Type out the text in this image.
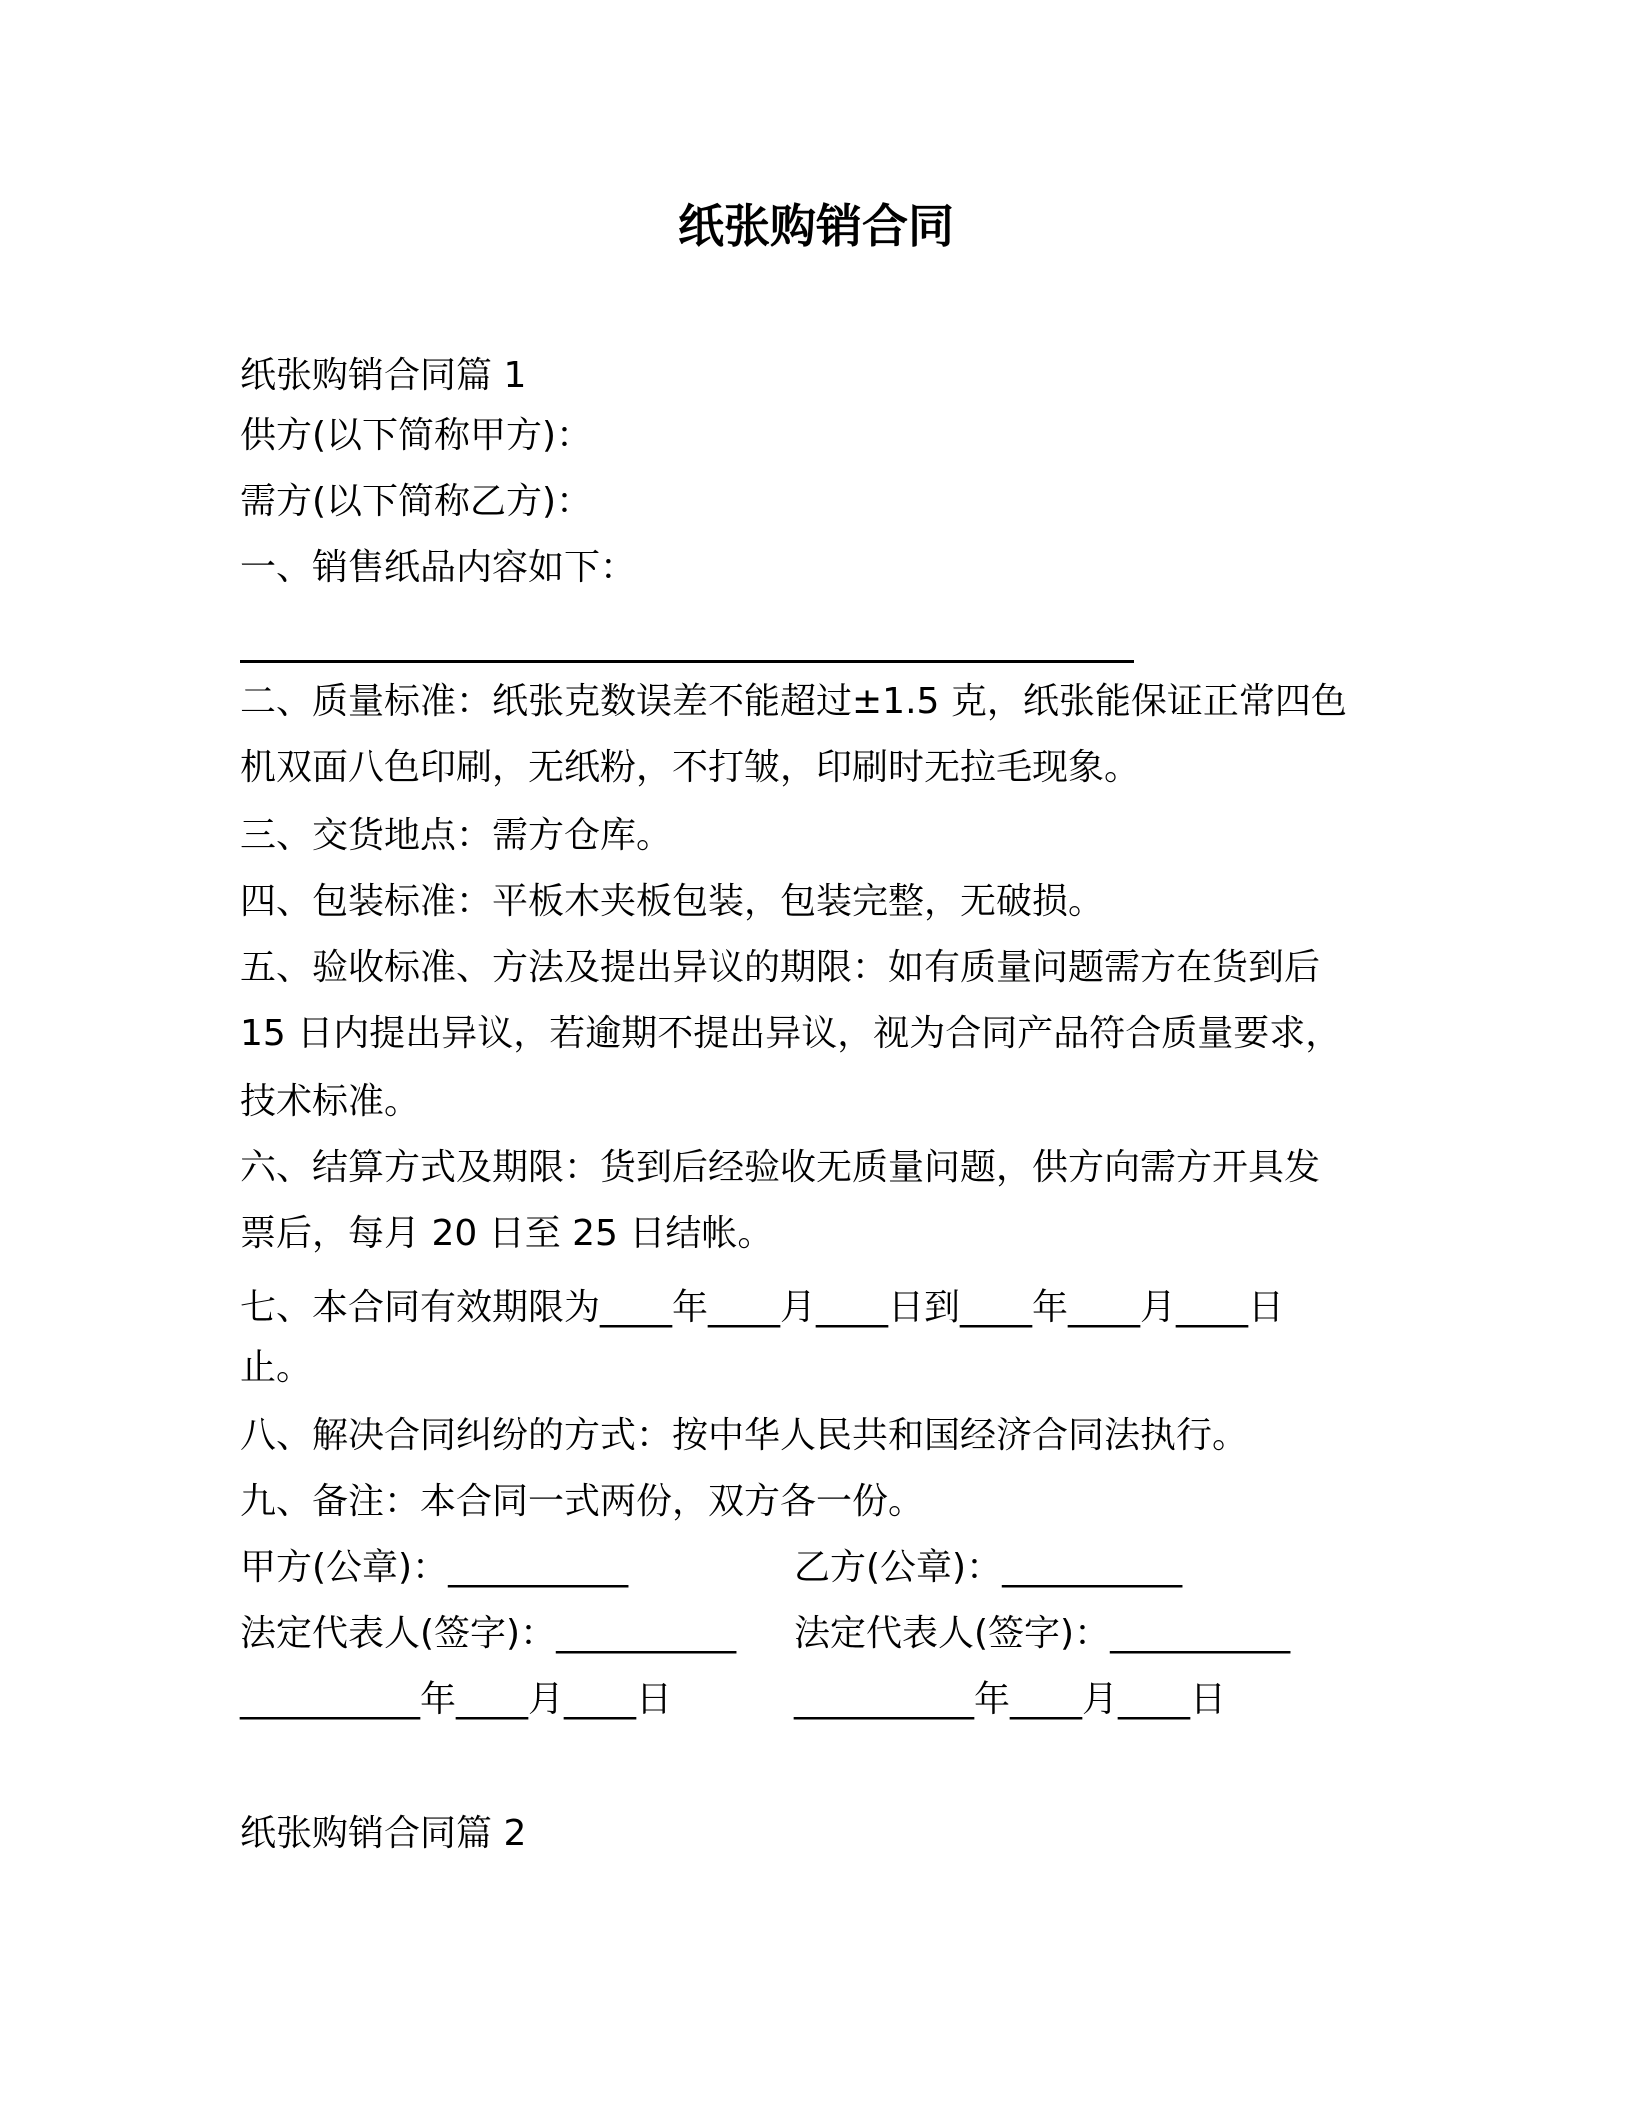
纸张购销合同
纸张购销合同篇 1
供方(以下简称甲方)：
需方(以下简称乙方)：
一、销售纸品内容如下：
二、质量标准：纸张克数误差不能超过±1.5 克，纸张能保证正常四色
机双面八色印刷，无纸粉，不打皱，印刷时无拉毛现象。
三、交货地点：需方仓库。
四、包装标准：平板木夹板包装，包装完整，无破损。
五、验收标准、方法及提出异议的期限：如有质量问题需方在货到后
15 日内提出异议，若逾期不提出异议，视为合同产品符合质量要求，
技术标准。
六、结算方式及期限：货到后经验收无质量问题，供方向需方开具发
票后，每月 20 日至 25 日结帐。
七、本合同有效期限为____年____月____日到____年____月____日
止。
八、解决合同纠纷的方式：按中华人民共和国经济合同法执行。
九、备注：本合同一式两份，双方各一份。
甲方(公章)：__________	乙方(公章)：__________
法定代表人(签字)：__________	法定代表人(签字)：__________
__________年____月____日	__________年____月____日
纸张购销合同篇 2
